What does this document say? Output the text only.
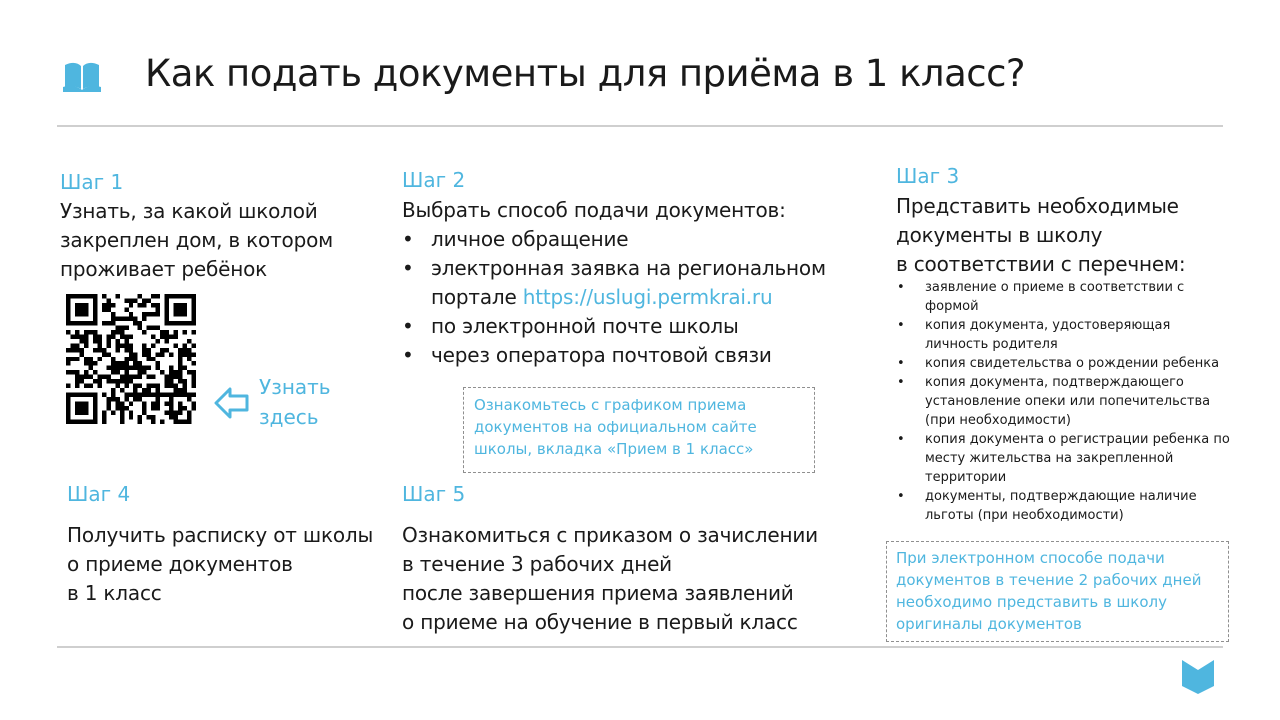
Как подать документы для приёма в 1 класс?
Шаг 1
Узнать, за какой школой
закреплен дом, в котором
проживает ребёнок
Узнать
здесь
Шаг 2
Выбрать способ подачи документов:
• личное обращение
• электронная заявка на региональном
портале https://uslugi.permkrai.ru
• по электронной почте школы
• через оператора почтовой связи
Ознакомьтесь с графиком приема
документов на официальном сайте
школы, вкладка «Прием в 1 класс»
Шаг 3
Представить необходимые
документы в школу
в соответствии с перечнем:
• заявление о приеме в соответствии с
формой
• копия документа, удостоверяющая
личность родителя
• копия свидетельства о рождении ребенка
• копия документа, подтверждающего
установление опеки или попечительства
(при необходимости)
• копия документа о регистрации ребенка по
месту жительства на закрепленной
территории
• документы, подтверждающие наличие
льготы (при необходимости)
При электронном способе подачи
документов в течение 2 рабочих дней
необходимо представить в школу
оригиналы документов
Шаг 4
Получить расписку от школы
о приеме документов
в 1 класс
Шаг 5
Ознакомиться с приказом о зачислении
в течение 3 рабочих дней
после завершения приема заявлений
о приеме на обучение в первый класс
